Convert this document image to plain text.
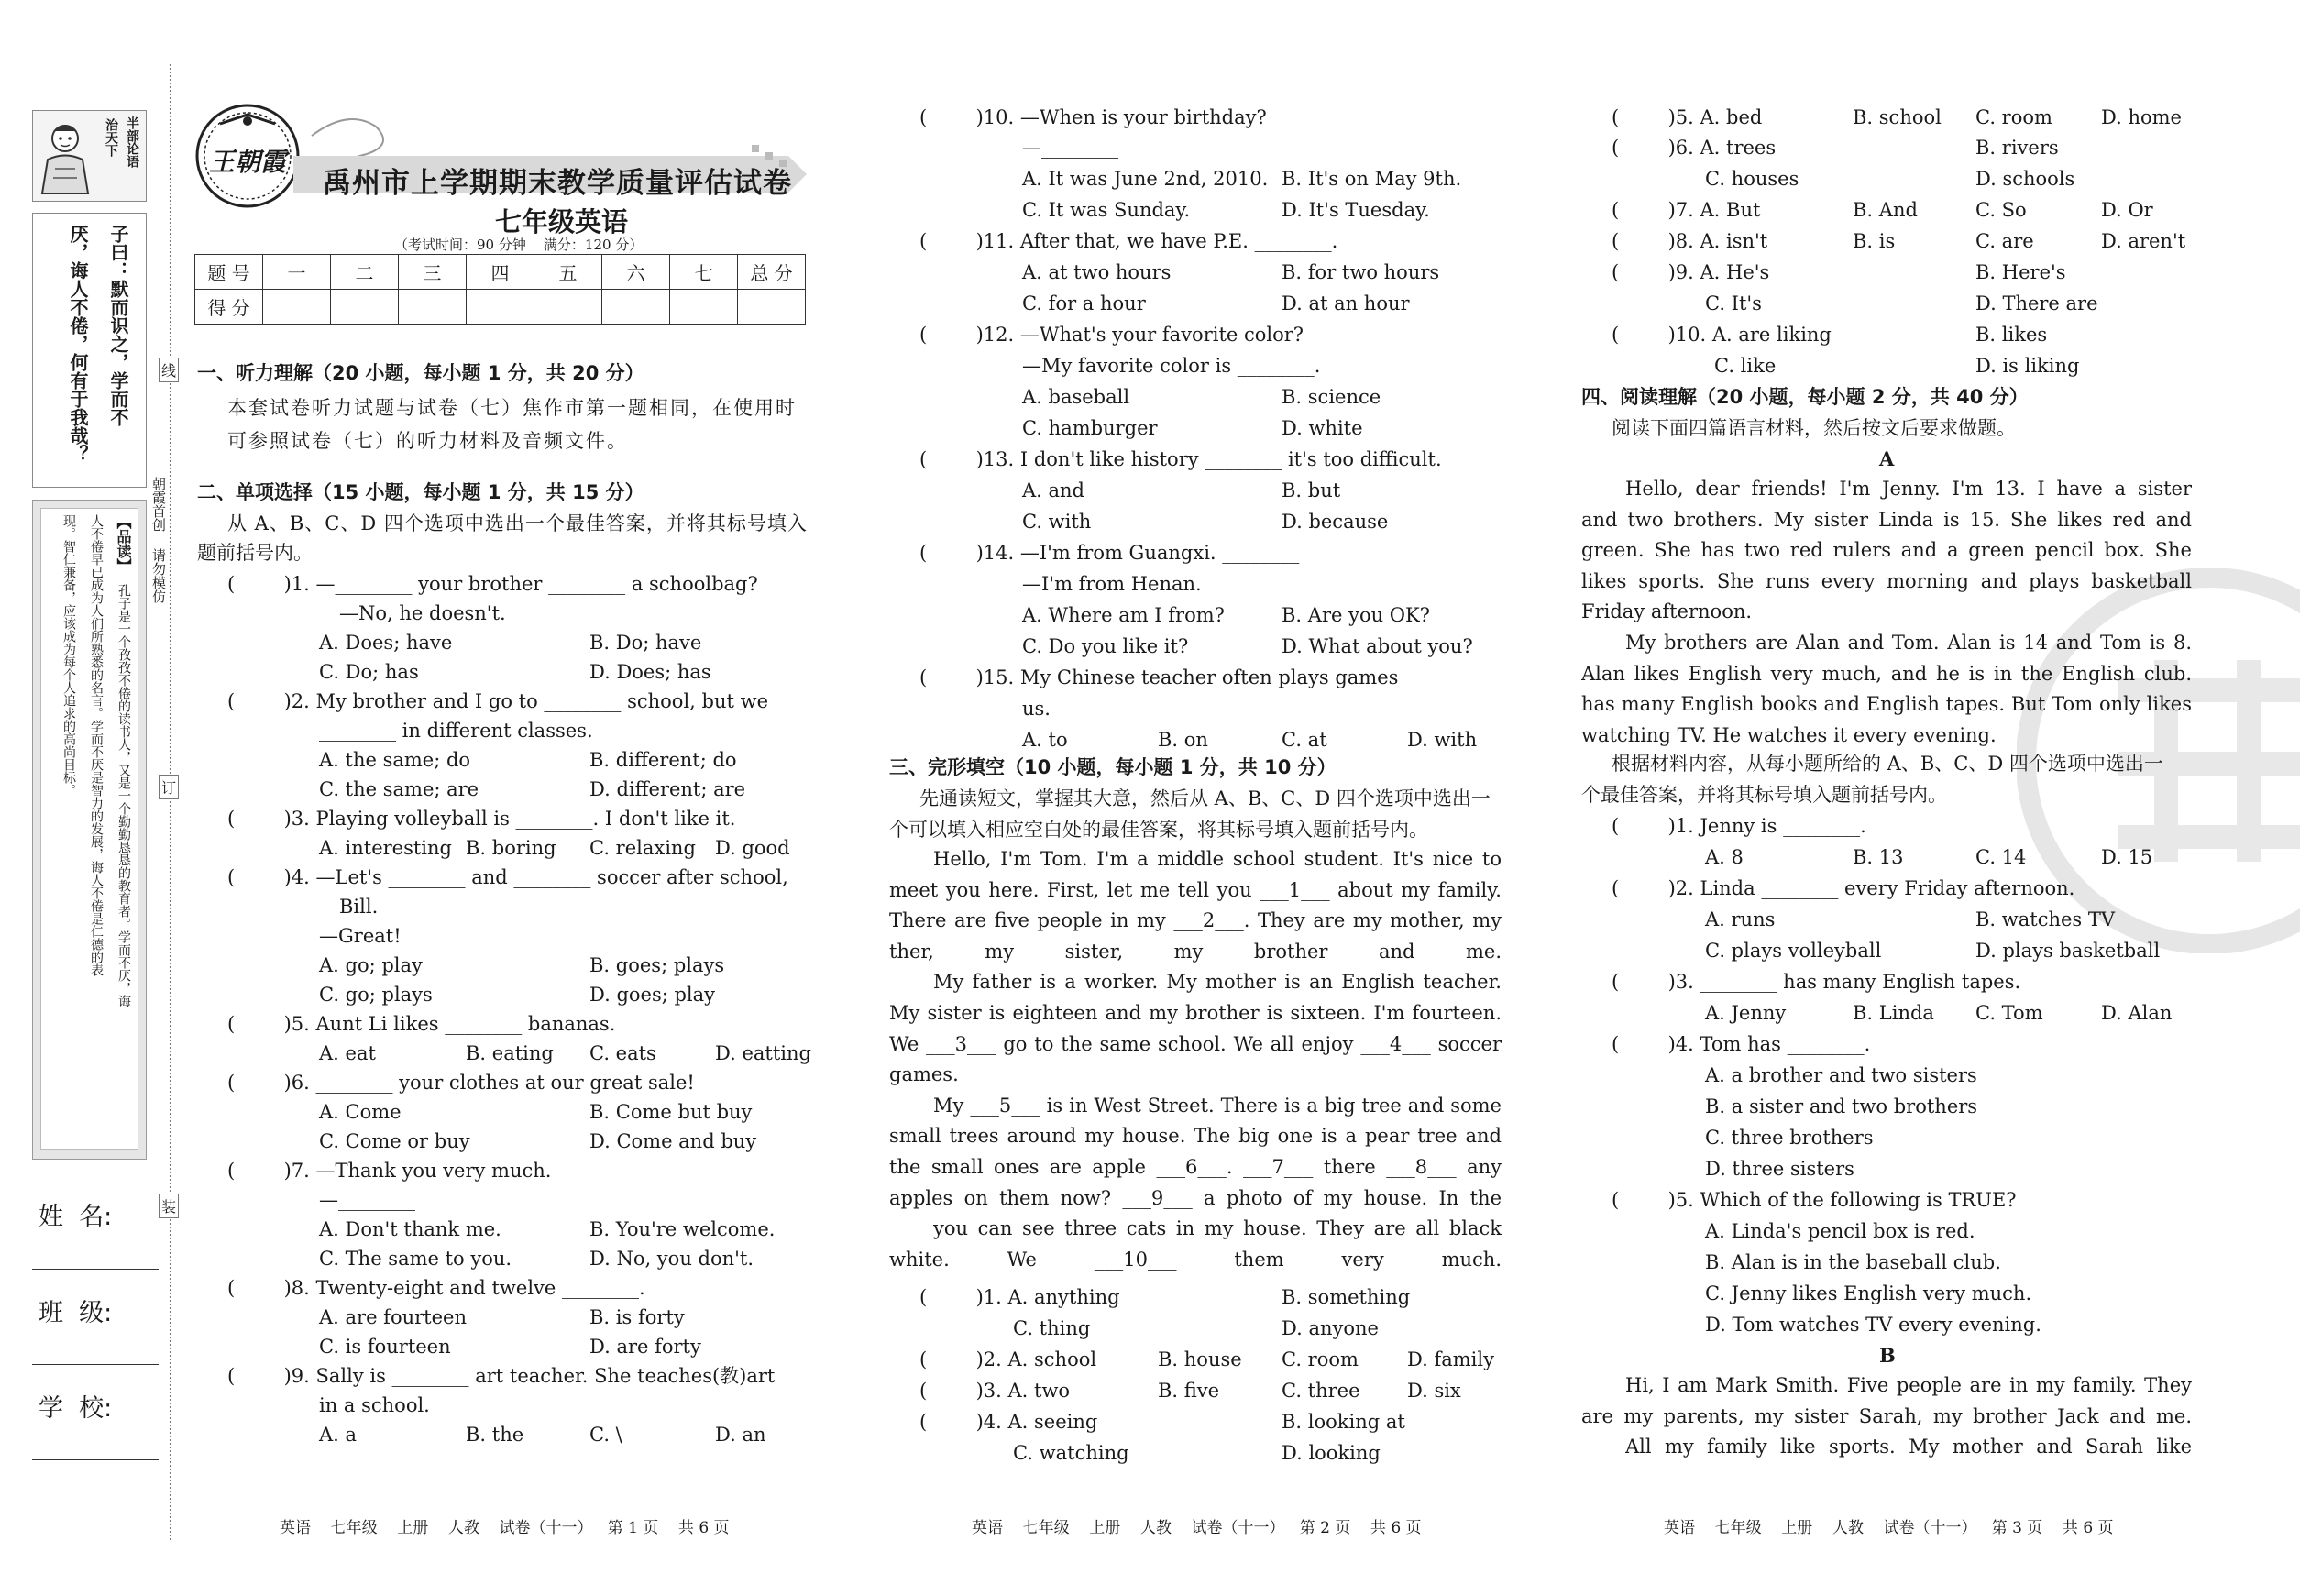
治天下 半部论语
子曰：默而识之，学而不
厌，诲人不倦，何有于我哉？
【品读】
孔子是一个孜孜不倦的读书人，又是一个勤勤恳恳的教育者。学而不厌，诲
人不倦早已成为人们所熟悉的名言。学而不厌是智力的发展，诲人不倦是仁德的表
现。智仁兼备，应该成为每个人追求的高尚目标。
姓  名:
班  级:
学  校:
线
订
装
朝霞首创 请勿模仿
王朝霞
禹州市上学期期末教学质量评估试卷
七年级英语
（考试时间：90 分钟    满分：120 分）
题 号	一	二	三	四	五	六	七	总 分
得 分								
一、听力理解（20 小题，每小题 1 分，共 20 分）
本套试卷听力试题与试卷（七）焦作市第一题相同，在使用时
可参照试卷（七）的听力材料及音频文件。
二、单项选择（15 小题，每小题 1 分，共 15 分）
从 A、B、C、D 四个选项中选出一个最佳答案，并将其标号填入
题前括号内。
(        )1. —________ your brother ________ a schoolbag?
—No, he doesn't.
A. Does; have	B. Do; have
C. Do; has	D. Does; has
(        )2. My brother and I go to ________ school, but we
________ in different classes.
A. the same; do	B. different; do
C. the same; are	D. different; are
(        )3. Playing volleyball is ________. I don't like it.
A. interesting B. boring C. relaxing D. good
(        )4. —Let's ________ and ________ soccer after school,
Bill.
—Great!
A. go; play	B. goes; plays
C. go; plays	D. goes; play
(        )5. Aunt Li likes ________ bananas.
A. eat	B. eating C. eats	D. eatting
(        )6. ________ your clothes at our great sale!
A. Come	B. Come but buy
C. Come or buy	D. Come and buy
(        )7. —Thank you very much.
—________
A. Don't thank me.	B. You're welcome.
C. The same to you.	D. No, you don't.
(        )8. Twenty-eight and twelve ________.
A. are fourteen	B. is forty
C. is fourteen	D. are forty
(        )9. Sally is ________ art teacher. She teaches(教)art
in a school.
A. a	B. the	C. \	D. an
英语    七年级    上册    人教    试卷（十一）   第 1 页    共 6 页
(        )10. —When is your birthday?
—________
A. It was June 2nd, 2010. B. It's on May 9th.
C. It was Sunday.	D. It's Tuesday.
(        )11. After that, we have P.E. ________.
A. at two hours	B. for two hours
C. for a hour	D. at an hour
(        )12. —What's your favorite color?
—My favorite color is ________.
A. baseball	B. science
C. hamburger	D. white
(        )13. I don't like history ________ it's too difficult.
A. and	B. but
C. with	D. because
(        )14. —I'm from Guangxi. ________
—I'm from Henan.
A. Where am I from?	B. Are you OK?
C. Do you like it?	D. What about you?
(        )15. My Chinese teacher often plays games ________
us.
A. to	B. on	C. at	D. with
三、完形填空（10 小题，每小题 1 分，共 10 分）
先通读短文，掌握其大意，然后从 A、B、C、D 四个选项中选出一
个可以填入相应空白处的最佳答案，将其标号填入题前括号内。
Hello, I'm Tom. I'm a middle school student. It's nice to
meet you here. First, let me tell you ___1___ about my family.
There are five people in my ___2___. They are my mother, my
ther, my sister, my brother and me.
My father is a worker. My mother is an English teacher.
My sister is eighteen and my brother is sixteen. I'm fourteen.
We ___3___ go to the same school. We all enjoy ___4___ soccer
games.
My ___5___ is in West Street. There is a big tree and some
small trees around my house. The big one is a pear tree and
the small ones are apple ___6___. ___7___ there ___8___ any
apples on them now? ___9___ a photo of my house. In the
you can see three cats in my house. They are all black
white. We ___10___ them very much.
(        )1. A. anything	B. something
C. thing	D. anyone
(        )2. A. school	B. house C. room	D. family
(        )3. A. two	B. five	C. three D. six
(        )4. A. seeing	B. looking at
C. watching	D. looking
英语    七年级    上册    人教    试卷（十一）   第 2 页    共 6 页
(        )5. A. bed	B. school C. room	D. home
(        )6. A. trees	B. rivers
C. houses	D. schools
(        )7. A. But	B. And	C. So	D. Or
(        )8. A. isn't	B. is	C. are	D. aren't
(        )9. A. He's	B. Here's
C. It's	D. There are
(        )10. A. are liking	B. likes
C. like	D. is liking
四、阅读理解（20 小题，每小题 2 分，共 40 分）
阅读下面四篇语言材料，然后按文后要求做题。
A
Hello, dear friends! I'm Jenny. I'm 13. I have a sister
and two brothers. My sister Linda is 15. She likes red and
green. She has two red rulers and a green pencil box. She
likes sports. She runs every morning and plays basketball
Friday afternoon.
My brothers are Alan and Tom. Alan is 14 and Tom is 8.
Alan likes English very much, and he is in the English club.
has many English books and English tapes. But Tom only likes
watching TV. He watches it every evening.
根据材料内容，从每小题所给的 A、B、C、D 四个选项中选出一
个最佳答案，并将其标号填入题前括号内。
(        )1. Jenny is ________.
A. 8	B. 13	C. 14	D. 15
(        )2. Linda ________ every Friday afternoon.
A. runs	B. watches TV
C. plays volleyball	D. plays basketball
(        )3. ________ has many English tapes.
A. Jenny	B. Linda C. Tom	D. Alan
(        )4. Tom has ________.
A. a brother and two sisters
B. a sister and two brothers
C. three brothers
D. three sisters
(        )5. Which of the following is TRUE?
A. Linda's pencil box is red.
B. Alan is in the baseball club.
C. Jenny likes English very much.
D. Tom watches TV every evening.
B
Hi, I am Mark Smith. Five people are in my family. They
are my parents, my sister Sarah, my brother Jack and me.
All my family like sports. My mother and Sarah like
英语    七年级    上册    人教    试卷（十一）   第 3 页    共 6 页
